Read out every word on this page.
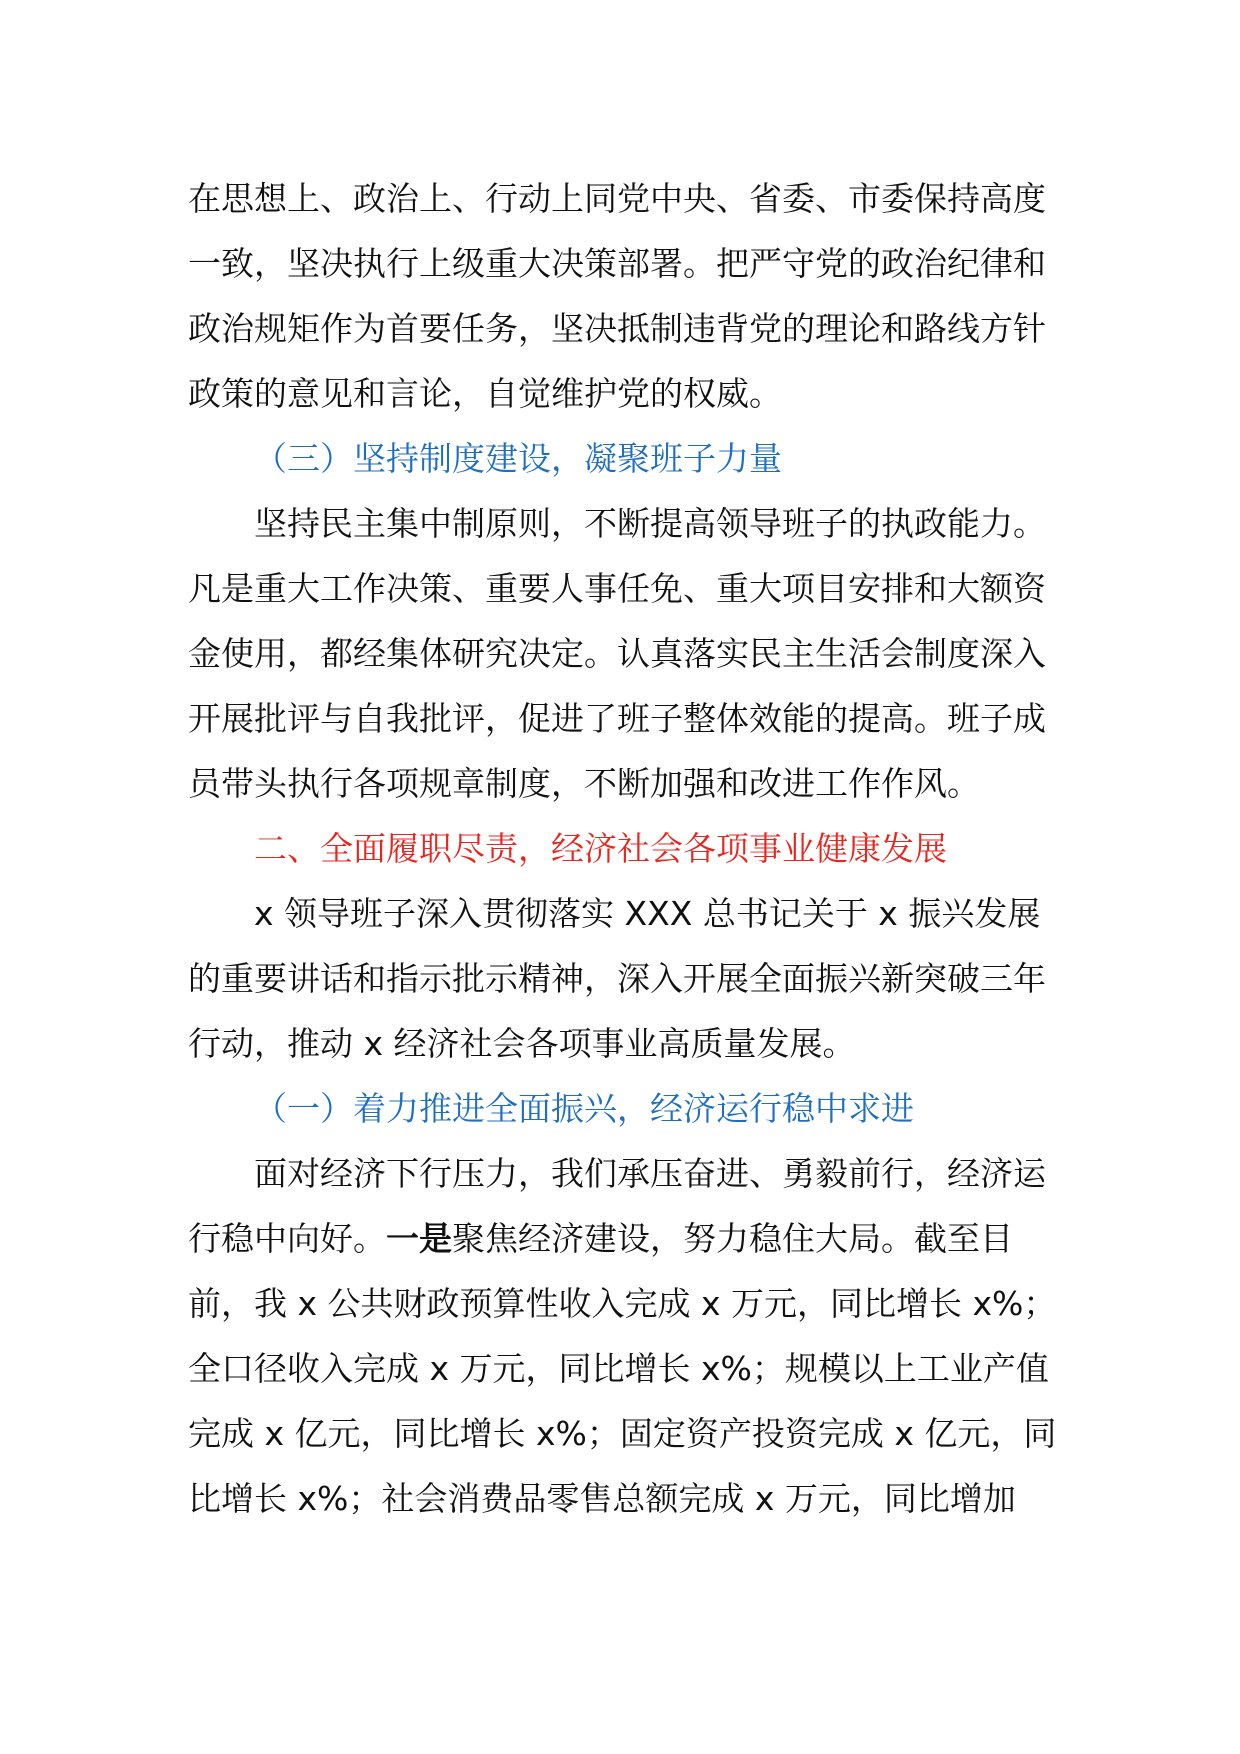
在思想上、政治上、行动上同党中央、省委、市委保持高度一致，坚决执行上级重大决策部署。把严守党的政治纪律和政治规矩作为首要任务，坚决抵制违背党的理论和路线方针政策的意见和言论，自觉维护党的权威。

（三）坚持制度建设，凝聚班子力量

坚持民主集中制原则，不断提高领导班子的执政能力。凡是重大工作决策、重要人事任免、重大项目安排和大额资金使用，都经集体研究决定。认真落实民主生活会制度深入开展批评与自我批评，促进了班子整体效能的提高。班子成员带头执行各项规章制度，不断加强和改进工作作风。

二、全面履职尽责，经济社会各项事业健康发展

x 领导班子深入贯彻落实 XXX 总书记关于 x 振兴发展的重要讲话和指示批示精神，深入开展全面振兴新突破三年行动，推动 x 经济社会各项事业高质量发展。

（一）着力推进全面振兴，经济运行稳中求进

面对经济下行压力，我们承压奋进、勇毅前行，经济运行稳中向好。一是聚焦经济建设，努力稳住大局。截至目前，我 x 公共财政预算性收入完成 x 万元，同比增长 x%；全口径收入完成 x 万元，同比增长 x%；规模以上工业产值完成 x 亿元，同比增长 x%；固定资产投资完成 x 亿元，同比增长 x%；社会消费品零售总额完成 x 万元，同比增加
